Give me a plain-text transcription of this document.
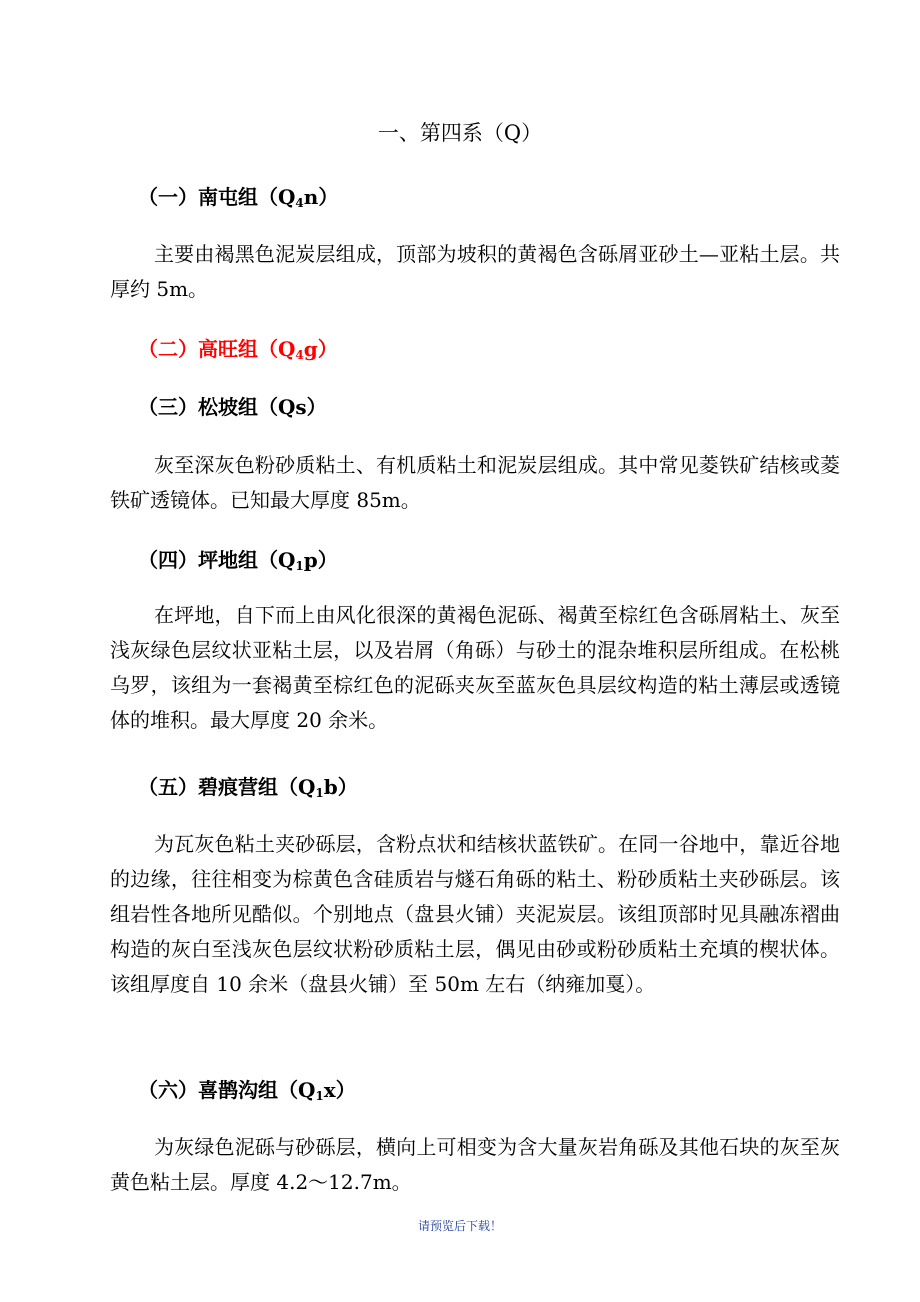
一、第四系（Q）
（一）南屯组$(Q_4n)$

主要由褐黑色泥炭层组成，顶部为坡积的黄褐色含砾屑亚砂土—亚粘土层。共厚约 5m。

（二）高旺组$(Q_4g)$
（三）松坡组（Qs）

灰至深灰色粉砂质粘土、有机质粘土和泥炭层组成。其中常见菱铁矿结核或菱铁矿透镜体。已知最大厚度 85m。

（四）坪地组$(Q_1p)$

在坪地，自下而上由风化很深的黄褐色泥砾、褐黄至棕红色含砾屑粘土、灰至浅灰绿色层纹状亚粘土层，以及岩屑（角砾）与砂土的混杂堆积层所组成。在松桃乌罗，该组为一套褐黄至棕红色的泥砾夹灰至蓝灰色具层纹构造的粘土薄层或透镜体的堆积。最大厚度 20 余米。

（五）碧痕营组$(Q_1b)$

为瓦灰色粘土夹砂砾层，含粉点状和结核状蓝铁矿。在同一谷地中，靠近谷地的边缘，往往相变为棕黄色含硅质岩与燧石角砾的粘土、粉砂质粘土夹砂砾层。该组岩性各地所见酷似。个别地点（盘县火铺）夹泥炭层。该组顶部时见具融冻褶曲构造的灰白至浅灰色层纹状粉砂质粘土层，偶见由砂或粉砂质粘土充填的楔状体。该组厚度自 10 余米（盘县火铺）至 50m 左右（纳雍加戛）。

（六）喜鹊沟组$(Q_1x)$

为灰绿色泥砾与砂砾层，横向上可相变为含大量灰岩角砾及其他石块的灰至灰黄色粘土层。厚度 4.2～12.7m。

请预览后下载！
